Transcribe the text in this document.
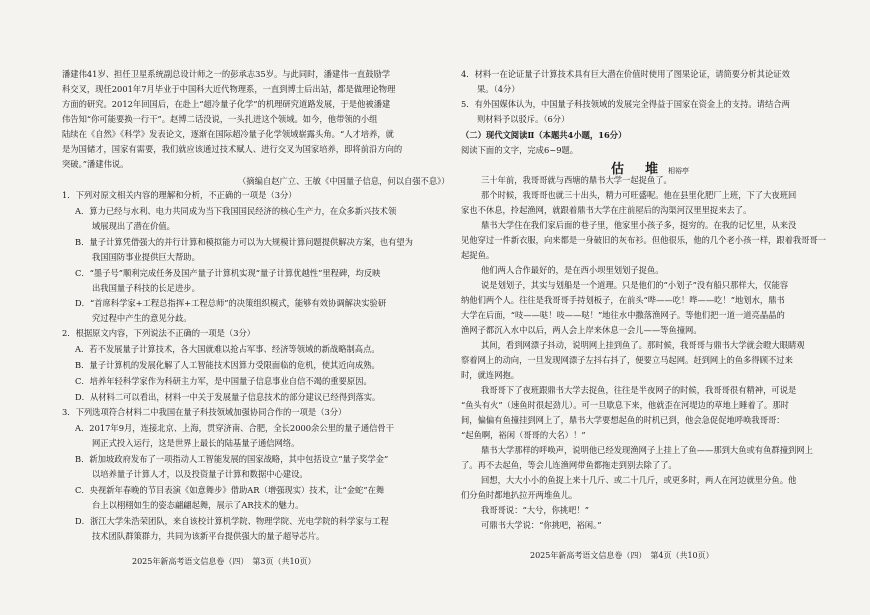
潘建伟41岁、担任卫星系统副总设计师之一的彭承志35岁。与此同时，潘建伟一直鼓励学
科交叉，现任2001年7月毕业于中国科大近代物理系，一直到博士后出站，都是做理论物理
方面的研究。2012年回国后，在赴上“超冷量子化学”的机理研究道路发展，于是他被潘建
伟告知“你可能要换一行干”。赵博二话没说，一头扎进这个领域。如今，他带领的小组
陆续在《自然》《科学》发表论文，逐渐在国际超冷量子化学领域崭露头角。“人才培养，就
是为国储才，国家有需要，我们就应该通过技术赋人、进行交叉为国家培养，即将前沿方向的
突破。”潘建伟说。
（摘编自赵广立、王敏《中国量子信息，何以自强不息》）
1．下列对原文相关内容的理解和分析，不正确的一项是（3分）
A．算力已经与水利、电力共同成为当下我国国民经济的核心生产力，在众多新兴技术领
域展现出了潜在价值。
B．量子计算凭借强大的并行计算和模拟能力可以为大规模计算问题提供解决方案，也有望为
我国国防事业提供巨大帮助。
C．“墨子号”顺利完成任务及国产量子计算机实现“量子计算优越性”里程碑，均反映
出我国量子科技的长足进步。
D．“首席科学家+工程总指挥+工程总师”的决策组织模式，能够有效协调解决实验研
究过程中产生的意见分歧。
2．根据原文内容，下列说法不正确的一项是（3分）
A．若不发展量子计算技术，各大国就难以抢占军事、经济等领域的新战略制高点。
B．量子计算机的发展化解了人工智能技术因算力受限面临的危机，使其近向成熟。
C．培养年轻科学家作为科研主力军，是中国量子信息事业自信不竭的重要原因。
D．从材料二可以看出，材料一中关于发展量子信息技术的部分建议已经得到落实。
3．下列选项符合材料二中我国在量子科技领域加强协同合作的一项是（3分）
A．2017年9月，连接北京、上海，贯穿济南、合肥，全长2000余公里的量子通信骨干
网正式投入运行，这是世界上最长的陆基量子通信网络。
B．新加坡政府发布了一项指动人工智能发展的国家战略，其中包括设立“量子奖学金”
以培养量子计算人才，以及投资量子计算和数据中心建设。
C．央视新年春晚的节目表演《如意舞步》借助AR（增强现实）技术，让“金蛇”在舞
台上以栩栩如生的姿态翩翩起舞，展示了AR技术的魅力。
D．浙江大学朱浩荣团队，来自该校计算机学院、物理学院、光电学院的科学家与工程
技术团队群策群力，共同为该新平台提供强大的量子超导芯片。
2025年新高考语文信息卷（四）　第3页（共10页）
4．材料一在论证量子计算技术具有巨大潜在价值时使用了图果论证，请简要分析其论证效
果。（4分）
5．有外国媒体认为，中国量子科技领域的发展完全得益于国家在资金上的支持。请结合两
则材料予以驳斥。（6分）
（二）现代文阅读Ⅱ（本题共4小题，16分）
阅读下面的文字，完成6~9题。
估　堆 相裕亭
三十年前，我哥哥就与西塘的鼎书大学一起捉鱼了。
那个时候，我哥哥也就三十出头，精力可旺盛呢。他在县里化肥厂上班，下了大夜班回
家也不休息，拎起渔网，就跟着鼎书大学在庄前屋后的沟渠河汉里里捉来去了。
鼎书大学住在我们家后面的巷子里，他家里小孩子多，挺穷的。在我的记忆里，从来没
见他穿过一件新衣服，向来都是一身破旧的灰布衫。但他很乐，他的几个老小孩一样，跟着我哥哥一
起捉鱼。
他们两人合作最好的，是在西小坝里划划子捉鱼。
说是划划子，其实与划船是一个道理。只是他们的“小划子”没有船只那样大，仅能容
纳他们两个人。往往是我哥哥手持划板子，在前头“哗——吃！哗——吃！”地划水，鼎书
大学在后面，“吱——哒！吱——哒！”地往水中撒落渔网子。等他们把一道一道亮晶晶的
渔网子都沉入水中以后，两人会上岸来休息一会儿——等鱼撞网。
其间，看到网漂子抖动，说明网上挂到鱼了。那时候，我哥哥与鼎书大学就会瞪大眼睛观
察着网上的动向，一旦发现网漂子左抖右抖了，便要立马起网。赶到网上的鱼多得顾不过来
时，就连网抱。
我哥哥下了夜班跟鼎书大学去捉鱼，往往是半夜网子的时候，我哥哥很有精神，可说是
“鱼头有火”（速鱼时很起劲儿）。可一旦歇息下来，他就歪在河堤边的草地上睡着了。那时
间，偏偏有鱼撞挂到网上了，鼎书大学要想起鱼的时机已到，他会急促促地呼唤我哥哥：
“起鱼啊，裕闲（哥哥的大名）！”
鼎书大学那样的呼唤声，说明他已经发现渔网子上挂上了鱼——那到大鱼或有鱼群撞到网上
了。再不去起鱼，等会儿连渔网带鱼都拖走到别去除了了。
回想，大大小小的鱼捉上来十几斤、或二十几斤，或更多时，两人在河边就里分鱼。他
们分鱼时都地扒拉开两堆鱼儿。
我哥哥说：“大兮，你挑吧！”
可鼎书大学说：“你挑吧，裕闲。”
2025年新高考语文信息卷（四）　第4页（共10页）
